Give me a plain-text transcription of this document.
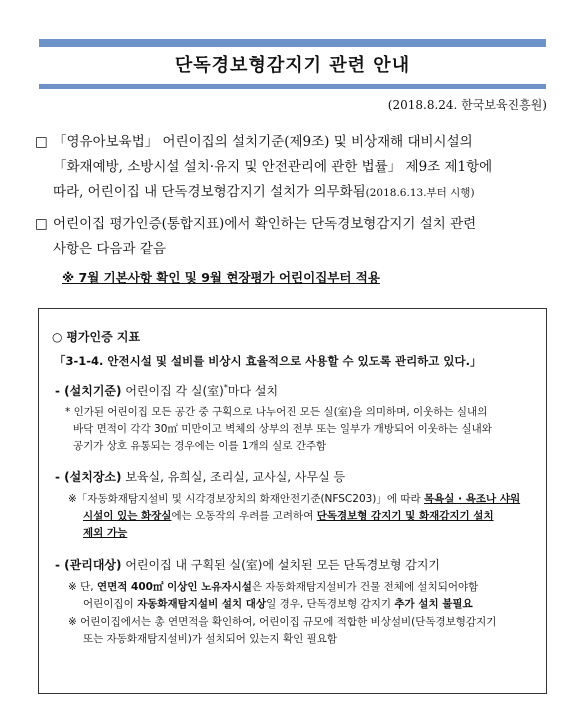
단독경보형감지기 관련 안내
(2018.8.24. 한국보육진흥원)
□ 「영유아보육법」 어린이집의 설치기준(제9조) 및 비상재해 대비시설의
「화재예방, 소방시설 설치·유지 및 안전관리에 관한 법률」 제9조 제1항에
따라, 어린이집 내 단독경보형감지기 설치가 의무화됨(2018.6.13.부터 시행)
□ 어린이집 평가인증(통합지표)에서 확인하는 단독경보형감지기 설치 관련
사항은 다음과 같음
※ 7월 기본사항 확인 및 9월 현장평가 어린이집부터 적용
○ 평가인증 지표
「3-1-4. 안전시설 및 설비를 비상시 효율적으로 사용할 수 있도록 관리하고 있다.」
- (설치기준) 어린이집 각 실(室)*마다 설치
* 인가된 어린이집 모든 공간 중 구획으로 나누어진 모든 실(室)을 의미하며, 이웃하는 실내의
바닥 면적이 각각 30㎡ 미만이고 벽체의 상부의 전부 또는 일부가 개방되어 이웃하는 실내와
공기가 상호 유통되는 경우에는 이를 1개의 실로 간주함
- (설치장소) 보육실, 유희실, 조리실, 교사실, 사무실 등
※「자동화재탐지설비 및 시각경보장치의 화재안전기준(NFSC203)」에 따라 목욕실 · 욕조나 샤워
시설이 있는 화장실에는 오동작의 우려를 고려하여 단독경보형 감지기 및 화재감지기 설치
제외 가능
- (관리대상) 어린이집 내 구획된 실(室)에 설치된 모든 단독경보형 감지기
※ 단, 연면적 400㎡ 이상인 노유자시설은 자동화재탐지설비가 건물 전체에 설치되어야함
어린이집이 자동화재탐지설비 설치 대상일 경우, 단독경보형 감지기 추가 설치 불필요
※ 어린이집에서는 총 연면적을 확인하여, 어린이집 규모에 적합한 비상설비(단독경보형감지기
또는 자동화재탐지설비)가 설치되어 있는지 확인 필요함
